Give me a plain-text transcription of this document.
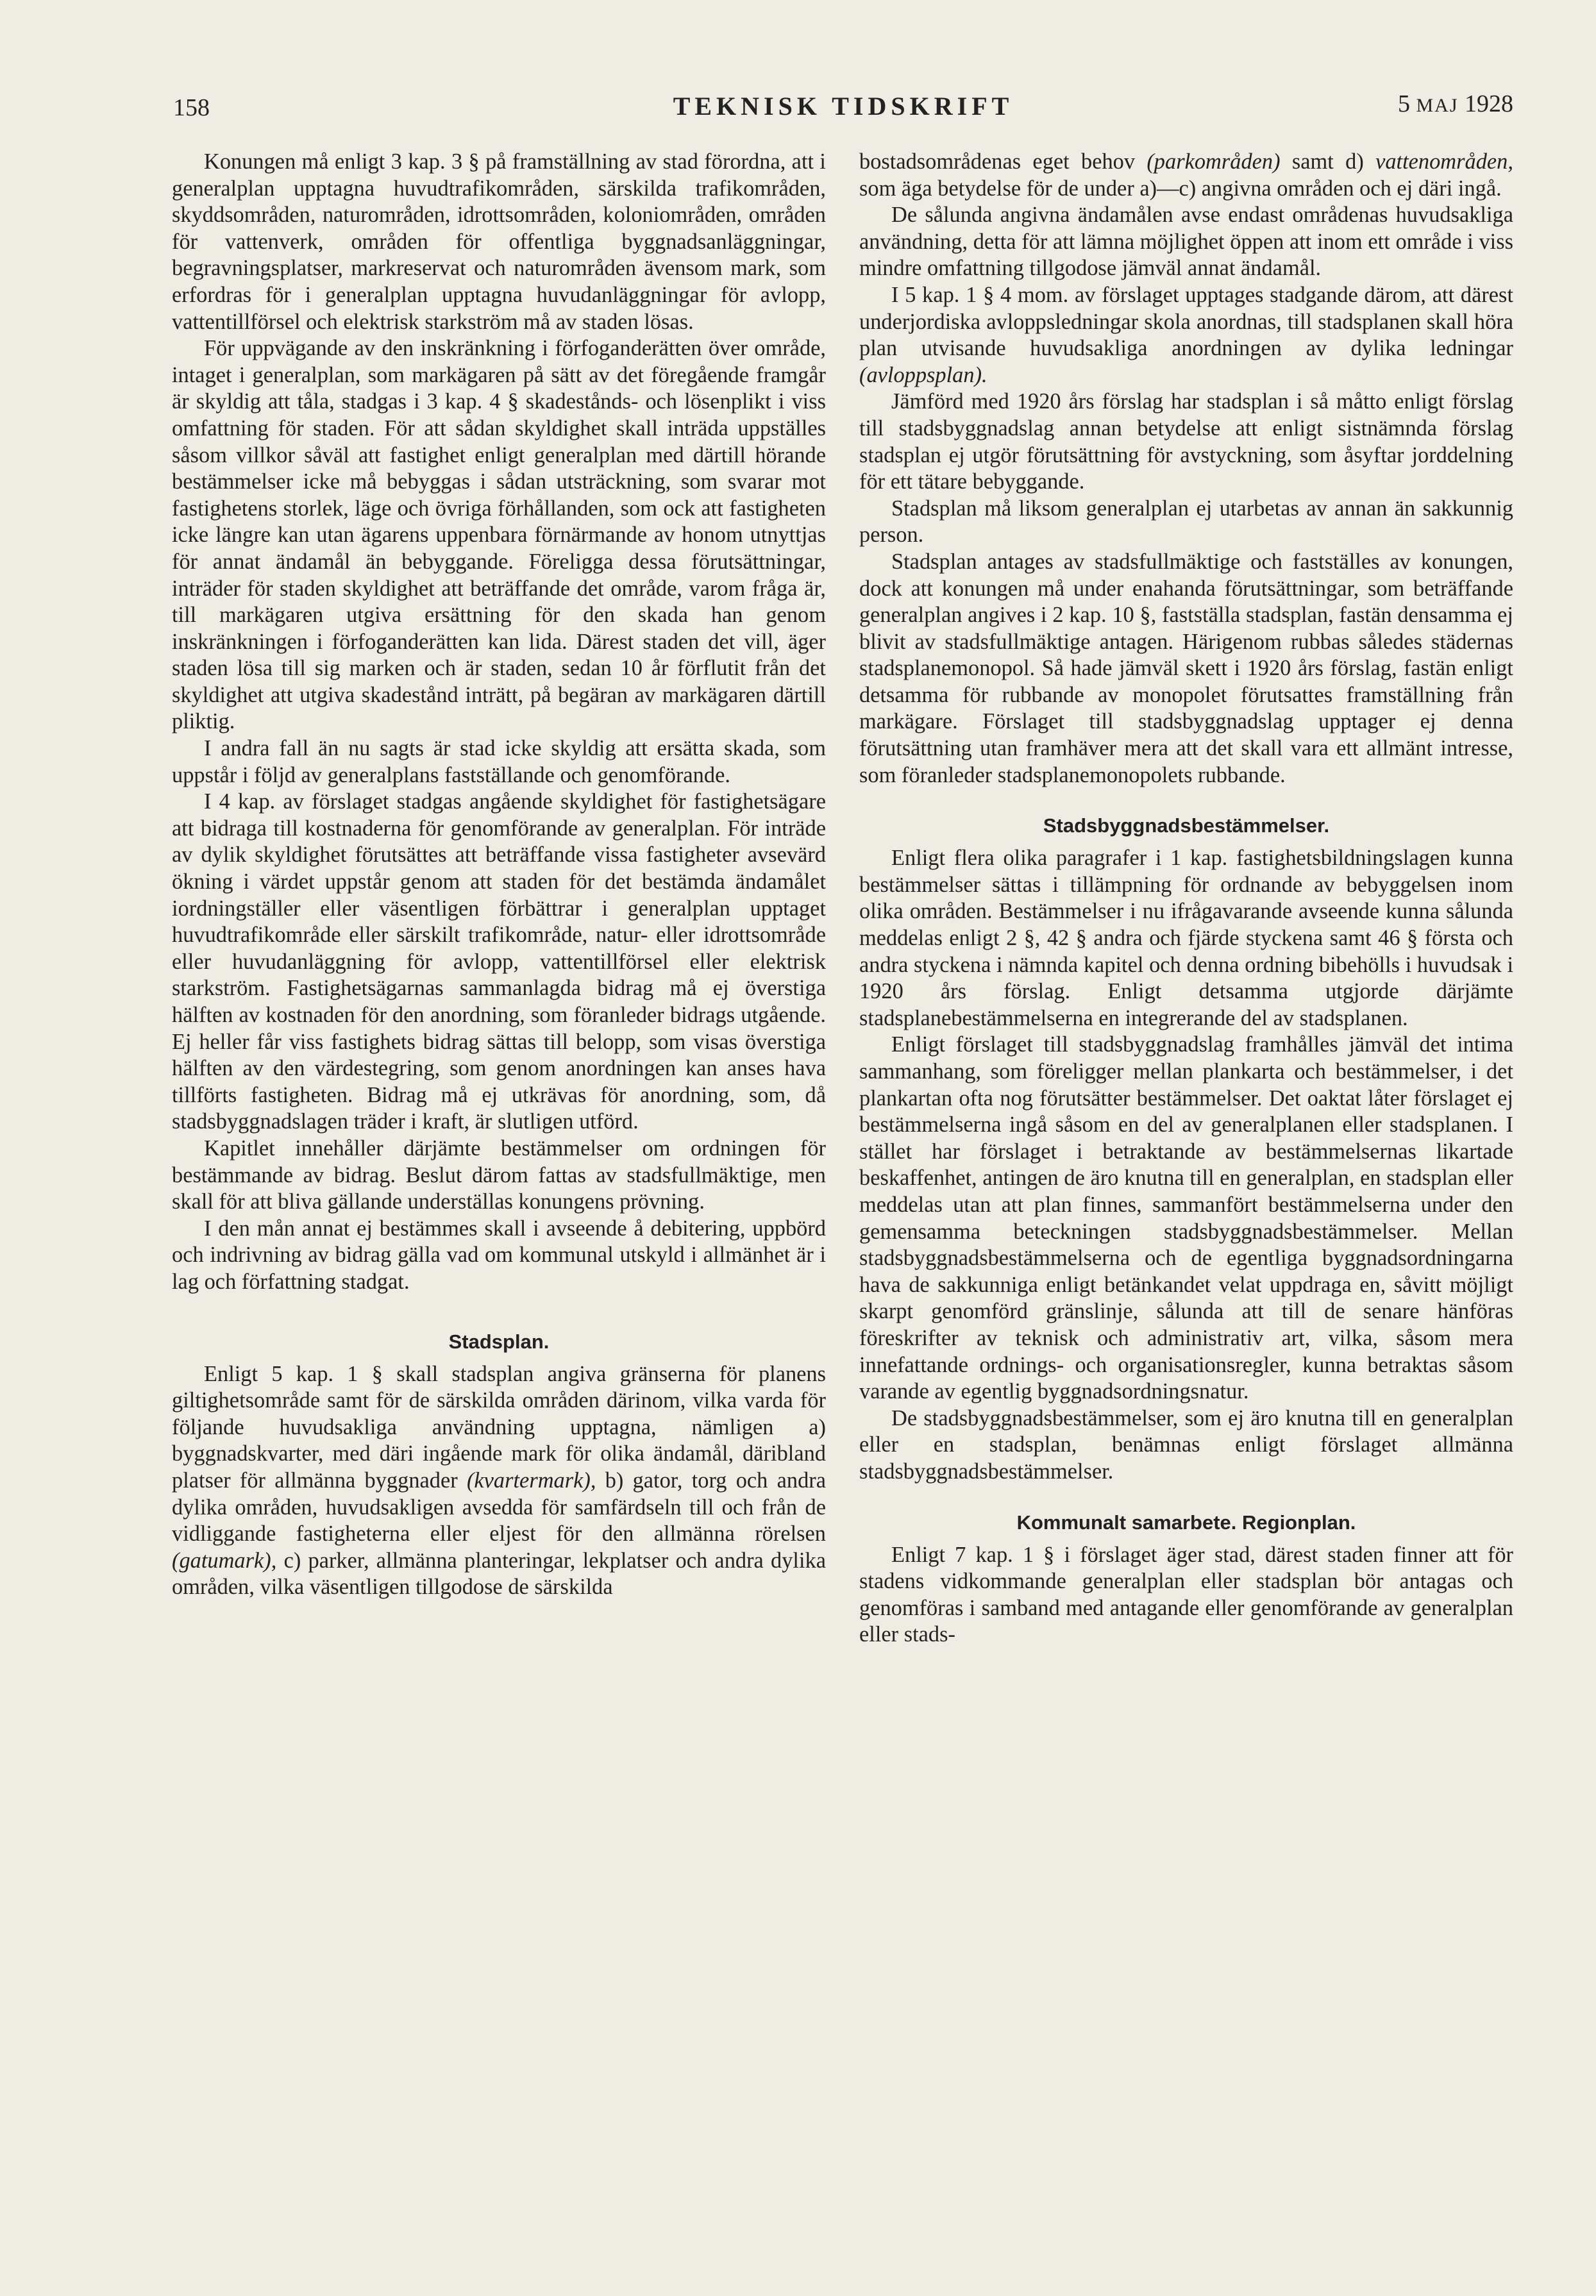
158	TEKNISK TIDSKRIFT	5 MAJ 1928

Konungen må enligt 3 kap. 3 § på framställning av stad förordna, att i generalplan upptagna huvudtrafikområden, särskilda trafikområden, skyddsområden, naturområden, idrottsområden, koloniområden, områden för vattenverk, områden för offentliga byggnadsanläggningar, begravningsplatser, markreservat och naturområden ävensom mark, som erfordras för i generalplan upptagna huvudanläggningar för avlopp, vattentillförsel och elektrisk starkström må av staden lösas.

För uppvägande av den inskränkning i förfoganderätten över område, intaget i generalplan, som markägaren på sätt av det föregående framgår är skyldig att tåla, stadgas i 3 kap. 4 § skadestånds- och lösenplikt i viss omfattning för staden. För att sådan skyldighet skall inträda uppställes såsom villkor såväl att fastighet enligt generalplan med därtill hörande bestämmelser icke må bebyggas i sådan utsträckning, som svarar mot fastighetens storlek, läge och övriga förhållanden, som ock att fastigheten icke längre kan utan ägarens uppenbara förnärmande av honom utnyttjas för annat ändamål än bebyggande. Föreligga dessa förutsättningar, inträder för staden skyldighet att beträffande det område, varom fråga är, till markägaren utgiva ersättning för den skada han genom inskränkningen i förfoganderätten kan lida. Därest staden det vill, äger staden lösa till sig marken och är staden, sedan 10 år förflutit från det skyldighet att utgiva skadestånd inträtt, på begäran av markägaren därtill pliktig.

I andra fall än nu sagts är stad icke skyldig att ersätta skada, som uppstår i följd av generalplans fastställande och genomförande.

I 4 kap. av förslaget stadgas angående skyldighet för fastighetsägare att bidraga till kostnaderna för genomförande av generalplan. För inträde av dylik skyldighet förutsättes att beträffande vissa fastigheter avsevärd ökning i värdet uppstår genom att staden för det bestämda ändamålet iordningställer eller väsentligen förbättrar i generalplan upptaget huvudtrafikområde eller särskilt trafikområde, natur- eller idrottsområde eller huvudanläggning för avlopp, vattentillförsel eller elektrisk starkström. Fastighetsägarnas sammanlagda bidrag må ej överstiga hälften av kostnaden för den anordning, som föranleder bidrags utgående. Ej heller får viss fastighets bidrag sättas till belopp, som visas överstiga hälften av den värdestegring, som genom anordningen kan anses hava tillförts fastigheten. Bidrag må ej utkrävas för anordning, som, då stadsbyggnadslagen träder i kraft, är slutligen utförd.

Kapitlet innehåller därjämte bestämmelser om ordningen för bestämmande av bidrag. Beslut därom fattas av stadsfullmäktige, men skall för att bliva gällande underställas konungens prövning.

I den mån annat ej bestämmes skall i avseende å debitering, uppbörd och indrivning av bidrag gälla vad om kommunal utskyld i allmänhet är i lag och författning stadgat.

Stadsplan.

Enligt 5 kap. 1 § skall stadsplan angiva gränserna för planens giltighetsområde samt för de särskilda områden därinom, vilka varda för följande huvudsakliga användning upptagna, nämligen a) byggnadskvarter, med däri ingående mark för olika ändamål, däribland platser för allmänna byggnader (kvartermark), b) gator, torg och andra dylika områden, huvudsakligen avsedda för samfärdseln till och från de vidliggande fastigheterna eller eljest för den allmänna rörelsen (gatumark), c) parker, allmänna planteringar, lekplatser och andra dylika områden, vilka väsentligen tillgodose de särskilda

bostadsområdenas eget behov (parkområden) samt d) vattenområden, som äga betydelse för de under a)—c) angivna områden och ej däri ingå.

De sålunda angivna ändamålen avse endast områdenas huvudsakliga användning, detta för att lämna möjlighet öppen att inom ett område i viss mindre omfattning tillgodose jämväl annat ändamål.

I 5 kap. 1 § 4 mom. av förslaget upptages stadgande därom, att därest underjordiska avloppsledningar skola anordnas, till stadsplanen skall höra plan utvisande huvudsakliga anordningen av dylika ledningar (avloppsplan).

Jämförd med 1920 års förslag har stadsplan i så måtto enligt förslag till stadsbyggnadslag annan betydelse att enligt sistnämnda förslag stadsplan ej utgör förutsättning för avstyckning, som åsyftar jorddelning för ett tätare bebyggande.

Stadsplan må liksom generalplan ej utarbetas av annan än sakkunnig person.

Stadsplan antages av stadsfullmäktige och fastställes av konungen, dock att konungen må under enahanda förutsättningar, som beträffande generalplan angives i 2 kap. 10 §, fastställa stadsplan, fastän densamma ej blivit av stadsfullmäktige antagen. Härigenom rubbas således städernas stadsplanemonopol. Så hade jämväl skett i 1920 års förslag, fastän enligt detsamma för rubbande av monopolet förutsattes framställning från markägare. Förslaget till stadsbyggnadslag upptager ej denna förutsättning utan framhäver mera att det skall vara ett allmänt intresse, som föranleder stadsplanemonopolets rubbande.

Stadsbyggnadsbestämmelser.

Enligt flera olika paragrafer i 1 kap. fastighetsbildningslagen kunna bestämmelser sättas i tillämpning för ordnande av bebyggelsen inom olika områden. Bestämmelser i nu ifrågavarande avseende kunna sålunda meddelas enligt 2 §, 42 § andra och fjärde styckena samt 46 § första och andra styckena i nämnda kapitel och denna ordning bibehölls i huvudsak i 1920 års förslag. Enligt detsamma utgjorde därjämte stadsplanebestämmelserna en integrerande del av stadsplanen.

Enligt förslaget till stadsbyggnadslag framhålles jämväl det intima sammanhang, som föreligger mellan plankarta och bestämmelser, i det plankartan ofta nog förutsätter bestämmelser. Det oaktat låter förslaget ej bestämmelserna ingå såsom en del av generalplanen eller stadsplanen. I stället har förslaget i betraktande av bestämmelsernas likartade beskaffenhet, antingen de äro knutna till en generalplan, en stadsplan eller meddelas utan att plan finnes, sammanfört bestämmelserna under den gemensamma beteckningen stadsbyggnadsbestämmelser. Mellan stadsbyggnadsbestämmelserna och de egentliga byggnadsordningarna hava de sakkunniga enligt betänkandet velat uppdraga en, såvitt möjligt skarpt genomförd gränslinje, sålunda att till de senare hänföras föreskrifter av teknisk och administrativ art, vilka, såsom mera innefattande ordnings- och organisationsregler, kunna betraktas såsom varande av egentlig byggnadsordningsnatur.

De stadsbyggnadsbestämmelser, som ej äro knutna till en generalplan eller en stadsplan, benämnas enligt förslaget allmänna stadsbyggnadsbestämmelser.

Kommunalt samarbete. Regionplan.

Enligt 7 kap. 1 § i förslaget äger stad, därest staden finner att för stadens vidkommande generalplan eller stadsplan bör antagas och genomföras i samband med antagande eller genomförande av generalplan eller stads-
